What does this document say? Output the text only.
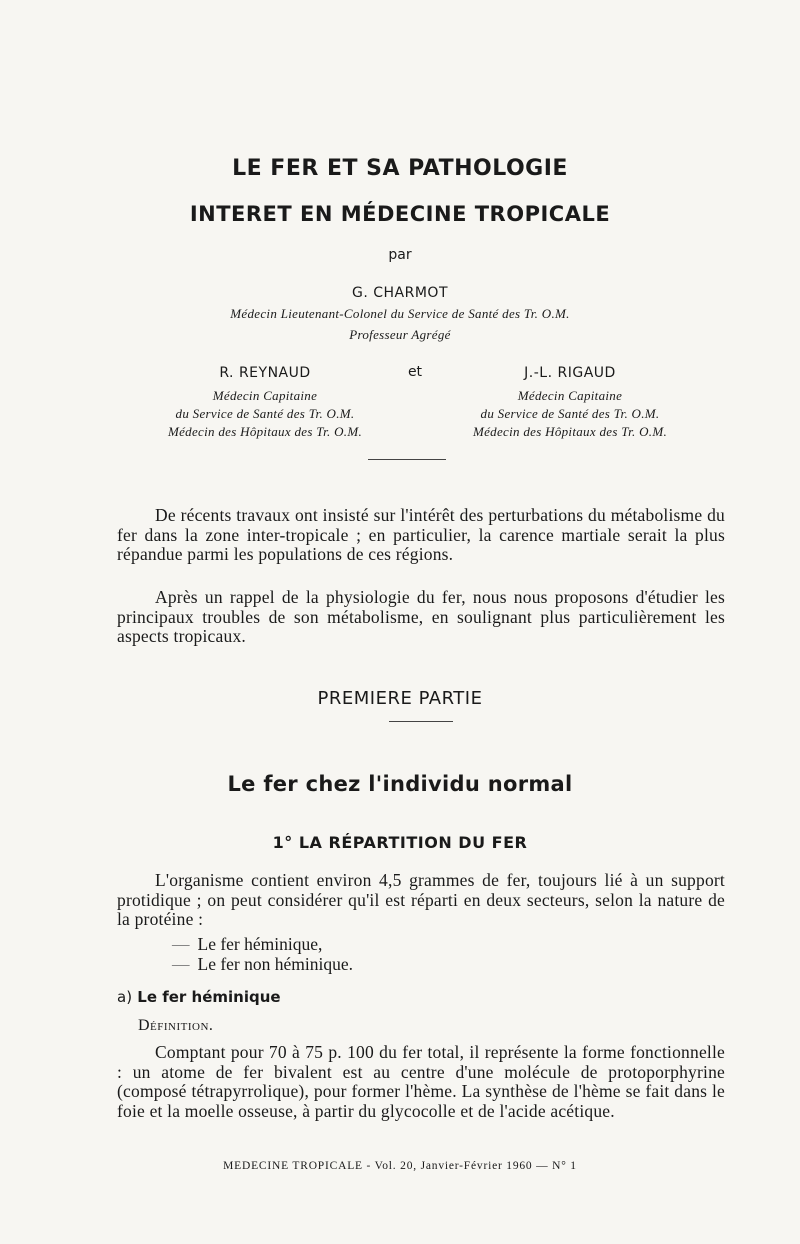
LE FER ET SA PATHOLOGIE
INTERET EN MÉDECINE TROPICALE
par
G. CHARMOT
Médecin Lieutenant-Colonel du Service de Santé des Tr. O.M.
Professeur Agrégé
R. REYNAUD
Médecin Capitaine
du Service de Santé des Tr. O.M.
Médecin des Hôpitaux des Tr. O.M.
et	J.-L. RIGAUD
Médecin Capitaine
du Service de Santé des Tr. O.M.
Médecin des Hôpitaux des Tr. O.M.
De récents travaux ont insisté sur l'intérêt des perturbations du métabolisme du fer dans la zone inter-tropicale ; en particulier, la carence martiale serait la plus répandue parmi les populations de ces régions.
Après un rappel de la physiologie du fer, nous nous proposons d'étudier les principaux troubles de son métabolisme, en soulignant plus particulièrement les aspects tropicaux.
PREMIERE PARTIE
Le fer chez l'individu normal
1° LA RÉPARTITION DU FER
L'organisme contient environ 4,5 grammes de fer, toujours lié à un support protidique ; on peut considérer qu'il est réparti en deux secteurs, selon la nature de la protéine :
— Le fer héminique,
— Le fer non héminique.
a) Le fer héminique
Définition.
Comptant pour 70 à 75 p. 100 du fer total, il représente la forme fonctionnelle : un atome de fer bivalent est au centre d'une molécule de protoporphyrine (composé tétrapyrrolique), pour former l'hème. La synthèse de l'hème se fait dans le foie et la moelle osseuse, à partir du glycocolle et de l'acide acétique.
MEDECINE TROPICALE - Vol. 20, Janvier-Février 1960 — N° 1
